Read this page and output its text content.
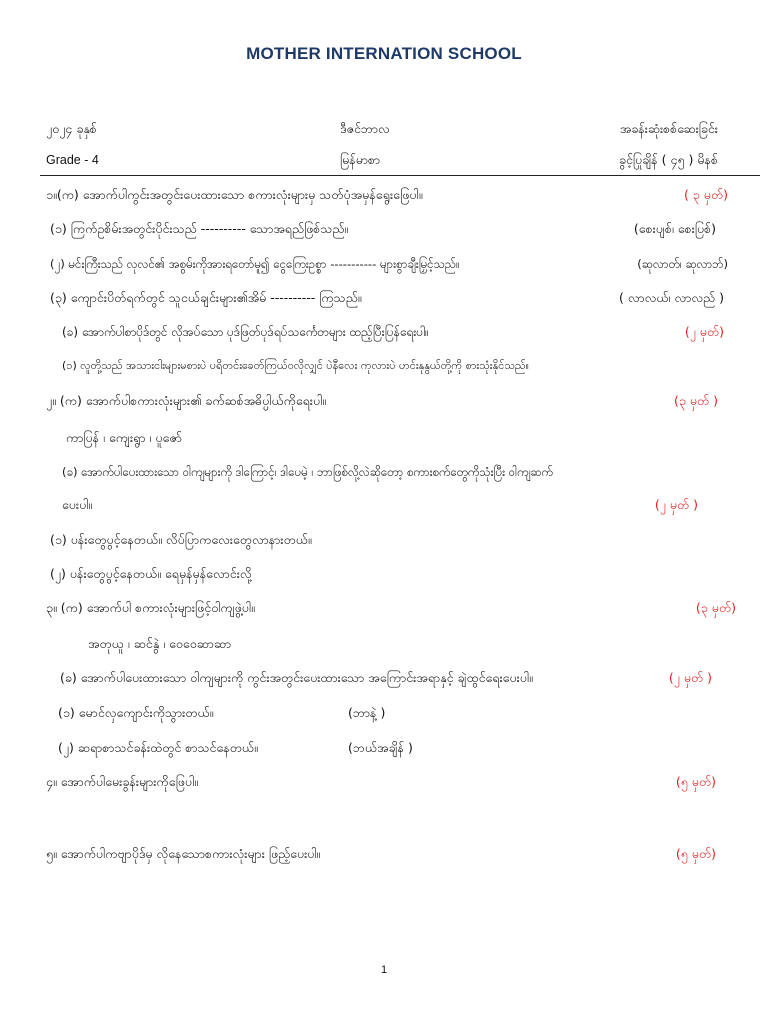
MOTHER INTERNATION SCHOOL
၂၀၂၄ ခုနှစ်	ဒီဇင်ဘာလ	အခန်းဆုံးစစ်ဆေးခြင်း
Grade - 4	မြန်မာစာ	ခွင့်ပြုချိန် ( ၄၅ ) မိနစ်
၁။(က) အောက်ပါကွင်းအတွင်းပေးထားသော စကားလုံးများမှ သတ်ပုံအမှန်ရွေးဖြေပါ။	( ၃ မှတ်)
(၁) ကြက်ဥစိမ်းအတွင်းပိုင်းသည် ---------- သောအရည်ဖြစ်သည်။	(စေးပျစ်၊ စေးပြစ်)
(၂) မင်းကြီးသည် လုလင်၏ အစွမ်းကိုအားရတော်မူ၍ ငွေကြေးဥစ္စာ ----------- များစွာချီးမြှင့်သည်။	(ဆုလာတ်၊ ဆုလာဘ်)
(၃) ကျောင်းပိတ်ရက်တွင် သူငယ်ချင်းများ၏အိမ် ---------- ကြသည်။	( လာလယ်၊ လာလည် )
(ခ) အောက်ပါစာပိုဒ်တွင် လိုအပ်သော ပုဒ်ဖြတ်ပုဒ်ရပ်သင်္ကေတများ ထည့်ပြီးပြန်ရေးပါ။	(၂ မှတ်)
(၁) လူတို့သည် အသားငါးများမစားပဲ ပရိတင်းခေတ်ကြယ်ဝလိုလျှင် ပဲနီလေး ကုလားပဲ ဟင်းနုနွယ်တို့ကို စားသုံးနိုင်သည်။
၂။ (က) အောက်ပါစကားလုံးများ၏ ခက်ဆစ်အဓိပ္ပါယ်ကိုရေးပါ။	(၃ မှတ် )
ကာပြန် ၊ ကျေးရွာ ၊ ပူဇော်
(ခ) အောက်ပါပေးထားသော ဝါကျများကို ဒါကြောင့်၊ ဒါပေမဲ့ ၊ ဘာဖြစ်လို့လဲဆိုတော့ စကားစက်တွေကိုသုံးပြီး ဝါကျဆက်
ပေးပါ။	(၂ မှတ် )
(၁) ပန်းတွေပွင့်နေတယ်။ လိပ်ပြာကလေးတွေလာနားတယ်။
(၂) ပန်းတွေပွင့်နေတယ်။ ရေမှန်မှန်လောင်းလို့
၃။ (က) အောက်ပါ စကားလုံးများဖြင့်ဝါကျဖွဲ့ပါ။	(၃ မှတ်)
အတုယူ ၊ ဆင်နွဲ ၊ ဝေဝေဆာဆာ
(ခ) အောက်ပါပေးထားသော ဝါကျများကို ကွင်းအတွင်းပေးထားသော အကြောင်းအရာနှင့် ချဲထွင်ရေးပေးပါ။	(၂ မှတ် )
(၁) မောင်လှကျောင်းကိုသွားတယ်။	(ဘာနဲ့ )
(၂) ဆရာစာသင်ခန်းထဲတွင် စာသင်နေတယ်။	(ဘယ်အချိန် )
၄။ အောက်ပါမေးခွန်းများကိုဖြေပါ။	(၅ မှတ်)
၅။ အောက်ပါကဗျာပိုဒ်မှ လိုနေသောစကားလုံးများ ဖြည့်ပေးပါ။	(၅ မှတ်)
1
